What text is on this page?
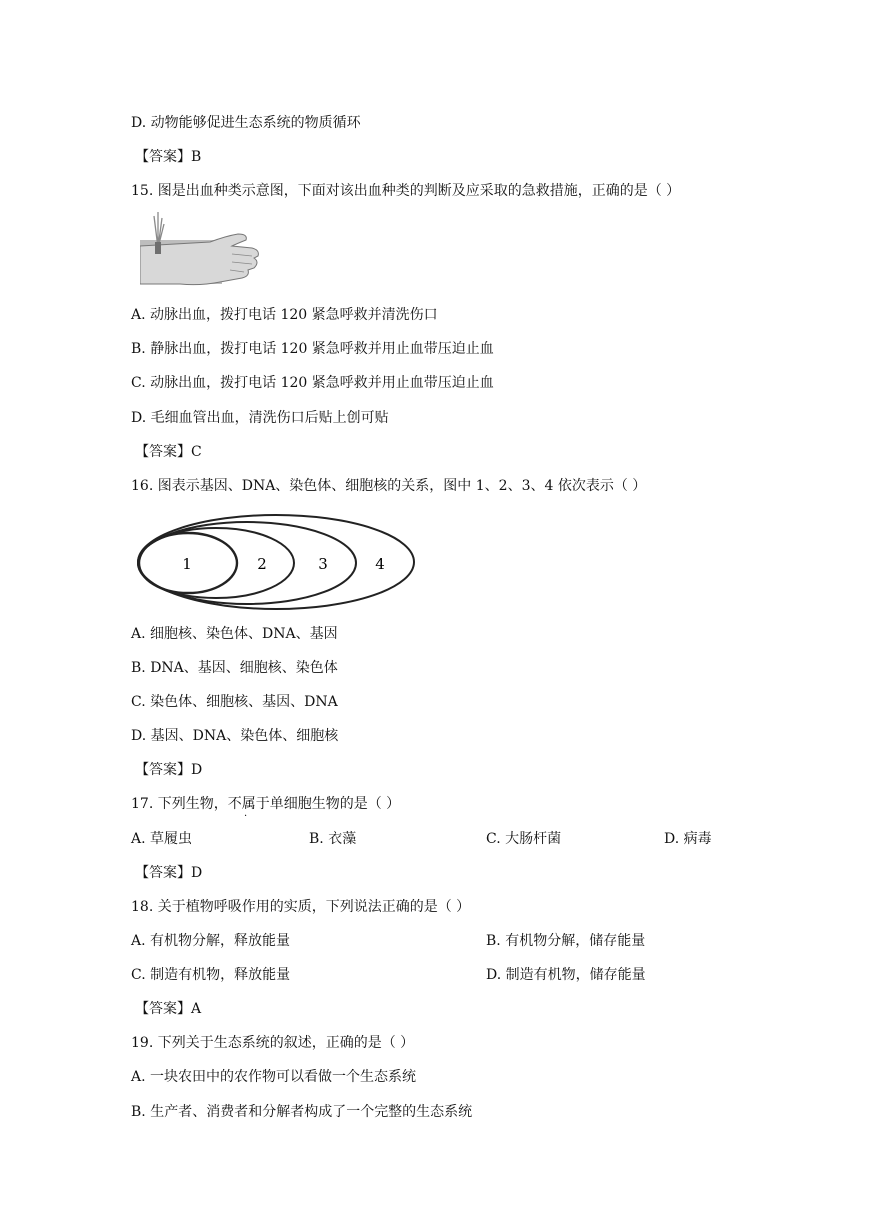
D. 动物能够促进生态系统的物质循环
【答案】B
15. 图是出血种类示意图，下面对该出血种类的判断及应采取的急救措施，正确的是（ ）
A. 动脉出血，拨打电话 120 紧急呼救并清洗伤口
B. 静脉出血，拨打电话 120 紧急呼救并用止血带压迫止血
C. 动脉出血，拨打电话 120 紧急呼救并用止血带压迫止血
D. 毛细血管出血，清洗伤口后贴上创可贴
【答案】C
16. 图表示基因、DNA、染色体、细胞核的关系，图中 1、2、3、4 依次表示（ ）
1	2	3	4
A. 细胞核、染色体、DNA、基因
B. DNA、基因、细胞核、染色体
C. 染色体、细胞核、基因、DNA
D. 基因、DNA、染色体、细胞核
【答案】D
17. 下列生物，不属于单细胞生物的是（ ）
·
A. 草履虫	B. 衣藻	C. 大肠杆菌	D. 病毒
【答案】D
18. 关于植物呼吸作用的实质，下列说法正确的是（ ）
A. 有机物分解，释放能量	B. 有机物分解，储存能量
C. 制造有机物，释放能量	D. 制造有机物，储存能量
【答案】A
19. 下列关于生态系统的叙述，正确的是（ ）
A. 一块农田中的农作物可以看做一个生态系统
B. 生产者、消费者和分解者构成了一个完整的生态系统
